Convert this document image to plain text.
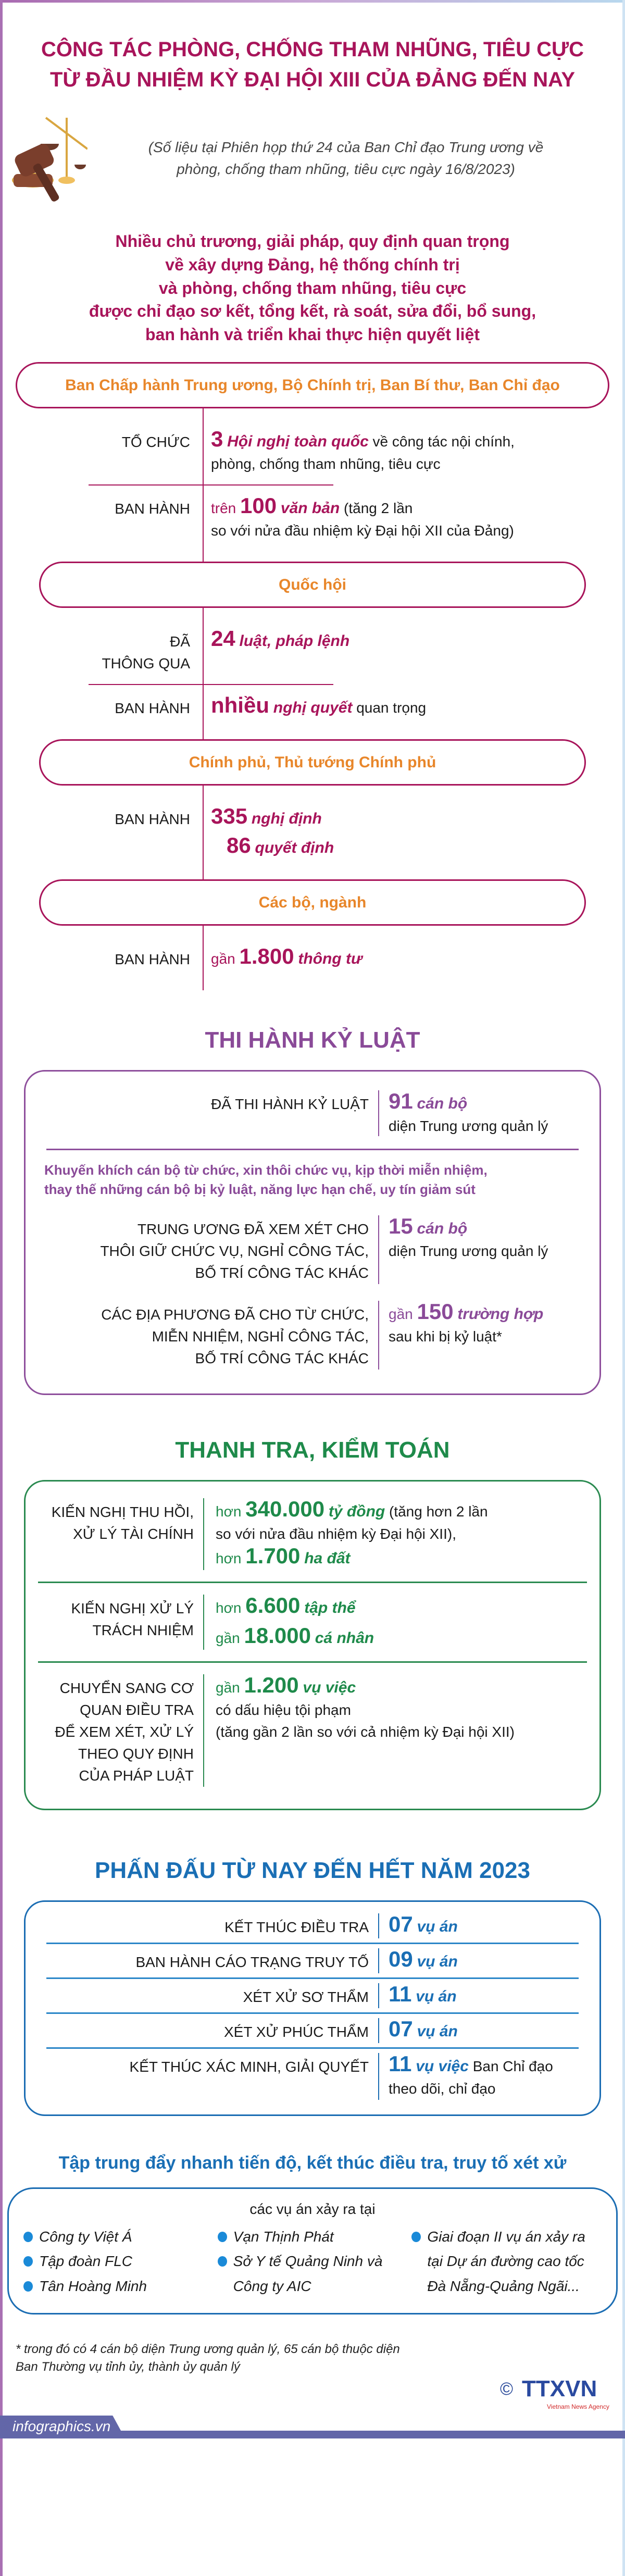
CÔNG TÁC PHÒNG, CHỐNG THAM NHŨNG, TIÊU CỰC
TỪ ĐẦU NHIỆM KỲ ĐẠI HỘI XIII CỦA ĐẢNG ĐẾN NAY
(Số liệu tại Phiên họp thứ 24 của Ban Chỉ đạo Trung ương về
phòng, chống tham nhũng, tiêu cực ngày 16/8/2023)
Nhiều chủ trương, giải pháp, quy định quan trọng
về xây dựng Đảng, hệ thống chính trị
và phòng, chống tham nhũng, tiêu cực
được chỉ đạo sơ kết, tổng kết, rà soát, sửa đổi, bổ sung,
ban hành và triển khai thực hiện quyết liệt
Ban Chấp hành Trung ương, Bộ Chính trị, Ban Bí thư, Ban Chỉ đạo
TỔ CHỨC 3 Hội nghị toàn quốc về công tác nội chính,
phòng, chống tham nhũng, tiêu cực
BAN HÀNH	trên 100 văn bản (tăng 2 lần
so với nửa đầu nhiệm kỳ Đại hội XII của Đảng)
Quốc hội
ĐÃ
THÔNG QUA
24 luật, pháp lệnh
BAN HÀNH nhiều nghị quyết quan trọng
Chính phủ, Thủ tướng Chính phủ
BAN HÀNH 335 nghị định
86 quyết định
Các bộ, ngành
BAN HÀNH	gần 1.800 thông tư
THI HÀNH KỶ LUẬT
ĐÃ THI HÀNH KỶ LUẬT 91 cán bộ
diện Trung ương quản lý
Khuyến khích cán bộ từ chức, xin thôi chức vụ, kịp thời miễn nhiệm,
thay thế những cán bộ bị kỷ luật, năng lực hạn chế, uy tín giảm sút
TRUNG ƯƠNG ĐÃ XEM XÉT CHO
THÔI GIỮ CHỨC VỤ, NGHỈ CÔNG TÁC,
BỐ TRÍ CÔNG TÁC KHÁC
15 cán bộ
diện Trung ương quản lý
CÁC ĐỊA PHƯƠNG ĐÃ CHO TỪ CHỨC,
MIỄN NHIỆM, NGHỈ CÔNG TÁC,
BỐ TRÍ CÔNG TÁC KHÁC
gần 150 trường hợp
sau khi bị kỷ luật*
THANH TRA, KIỂM TOÁN
KIẾN NGHỊ THU HỒI,
XỬ LÝ TÀI CHÍNH
hơn 340.000 tỷ đồng (tăng hơn 2 lần
so với nửa đầu nhiệm kỳ Đại hội XII),
hơn 1.700 ha đất
KIẾN NGHỊ XỬ LÝ
TRÁCH NHIỆM
hơn 6.600 tập thể
gần 18.000 cá nhân
CHUYỂN SANG CƠ
QUAN ĐIỀU TRA
ĐỂ XEM XÉT, XỬ LÝ
THEO QUY ĐỊNH
CỦA PHÁP LUẬT
gần 1.200 vụ việc
có dấu hiệu tội phạm
(tăng gần 2 lần so với cả nhiệm kỳ Đại hội XII)
PHẤN ĐẤU TỪ NAY ĐẾN HẾT NĂM 2023
KẾT THÚC ĐIỀU TRA 07 vụ án
BAN HÀNH CÁO TRẠNG TRUY TỐ 09 vụ án
XÉT XỬ SƠ THẨM 11 vụ án
XÉT XỬ PHÚC THẨM 07 vụ án
KẾT THÚC XÁC MINH, GIẢI QUYẾT 11 vụ việc Ban Chỉ đạo
theo dõi, chỉ đạo
Tập trung đẩy nhanh tiến độ, kết thúc điều tra, truy tố xét xử
các vụ án xảy ra tại
Công ty Việt Á
Tập đoàn FLC
Tân Hoàng Minh
Vạn Thịnh Phát
Sở Y tế Quảng Ninh và
Công ty AIC
Giai đoạn II vụ án xảy ra
tại Dự án đường cao tốc
Đà Nẵng-Quảng Ngãi...
* trong đó có 4 cán bộ diện Trung ương quản lý, 65 cán bộ thuộc diện
Ban Thường vụ tỉnh ủy, thành ủy quản lý
© TTXVN
Vietnam News Agency
infographics.vn
